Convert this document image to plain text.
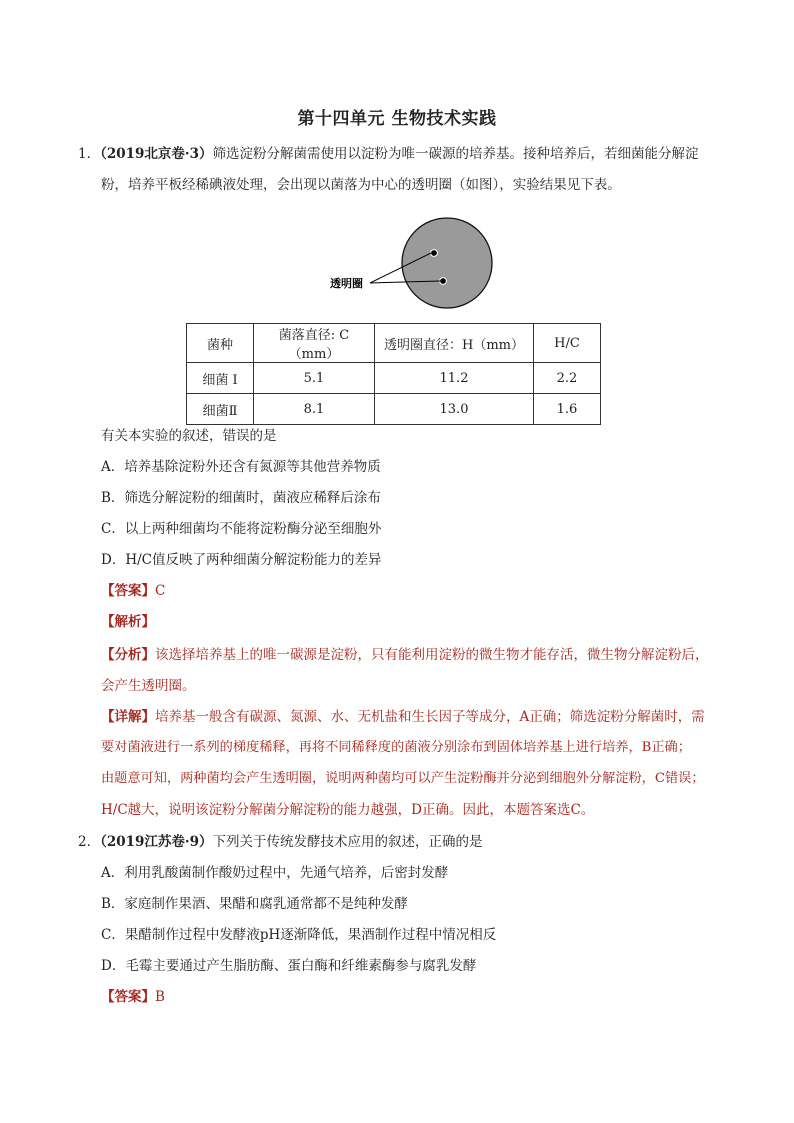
第十四单元 生物技术实践
1．（2019北京卷·3）筛选淀粉分解菌需使用以淀粉为唯一碳源的培养基。接种培养后，若细菌能分解淀
粉，培养平板经稀碘液处理，会出现以菌落为中心的透明圈（如图），实验结果见下表。
透明圈
菌种	菌落直径: C（mm）	透明圈直径：H（mm）	H/C
细菌 I	5.1	11.2	2.2
细菌Ⅱ	8.1	13.0	1.6
有关本实验的叙述，错误的是
A．培养基除淀粉外还含有氮源等其他营养物质
B．筛选分解淀粉的细菌时，菌液应稀释后涂布
C．以上两种细菌均不能将淀粉酶分泌至细胞外
D．H/C值反映了两种细菌分解淀粉能力的差异
【答案】C
【解析】
【分析】该选择培养基上的唯一碳源是淀粉，只有能利用淀粉的微生物才能存活，微生物分解淀粉后，
会产生透明圈。
【详解】培养基一般含有碳源、氮源、水、无机盐和生长因子等成分，A正确；筛选淀粉分解菌时，需
要对菌液进行一系列的梯度稀释，再将不同稀释度的菌液分别涂布到固体培养基上进行培养，B正确；
由题意可知，两种菌均会产生透明圈，说明两种菌均可以产生淀粉酶并分泌到细胞外分解淀粉，C错误；
H/C越大，说明该淀粉分解菌分解淀粉的能力越强，D正确。因此，本题答案选C。
2．（2019江苏卷·9）下列关于传统发酵技术应用的叙述，正确的是
A．利用乳酸菌制作酸奶过程中，先通气培养，后密封发酵
B．家庭制作果酒、果醋和腐乳通常都不是纯种发酵
C．果醋制作过程中发酵液pH逐渐降低，果酒制作过程中情况相反
D．毛霉主要通过产生脂肪酶、蛋白酶和纤维素酶参与腐乳发酵
【答案】B
